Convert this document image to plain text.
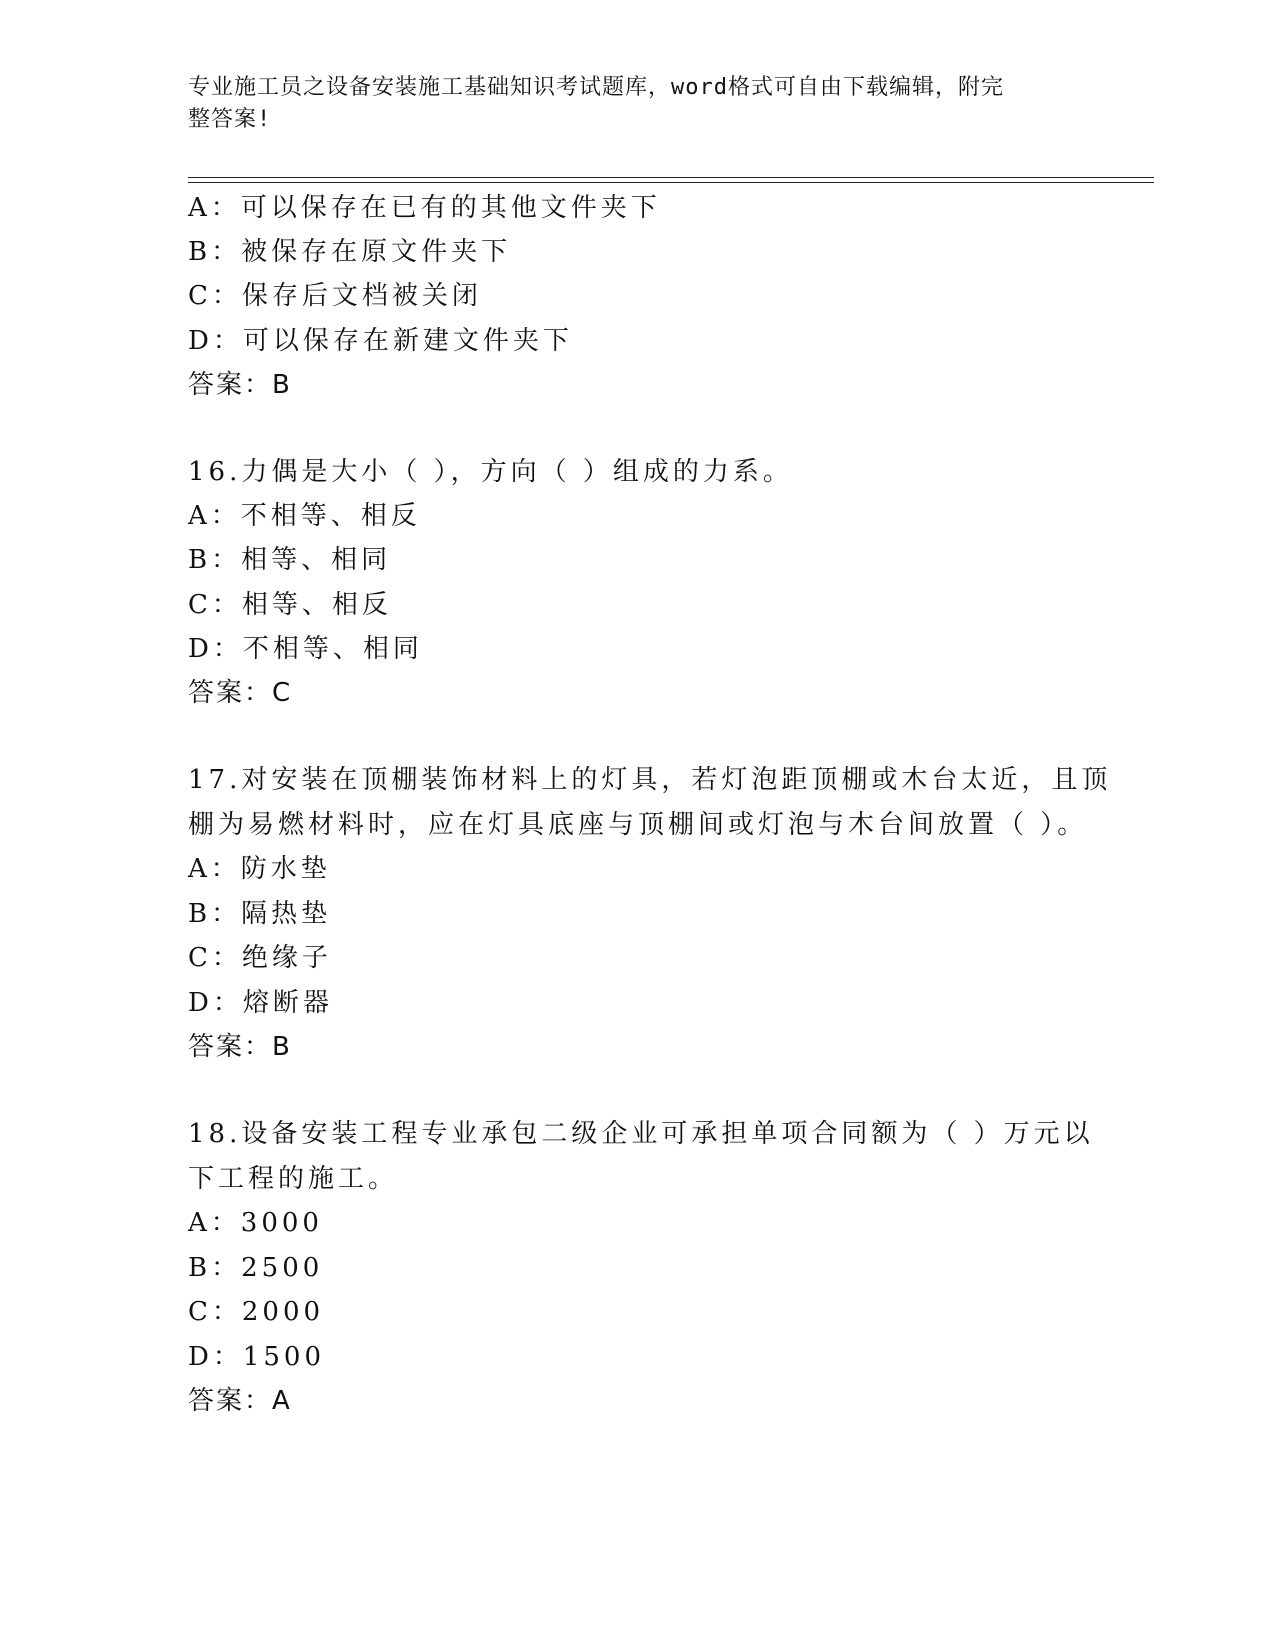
专业施工员之设备安装施工基础知识考试题库，word格式可自由下载编辑，附完
整答案!
A：可以保存在已有的其他文件夹下
B：被保存在原文件夹下
C：保存后文档被关闭
D：可以保存在新建文件夹下
答案：B
16.力偶是大小（ ），方向（ ）组成的力系。
A：不相等、相反
B：相等、相同
C：相等、相反
D：不相等、相同
答案：C
17.对安装在顶棚装饰材料上的灯具，若灯泡距顶棚或木台太近，且顶
棚为易燃材料时，应在灯具底座与顶棚间或灯泡与木台间放置（ ）。
A：防水垫
B：隔热垫
C：绝缘子
D：熔断器
答案：B
18.设备安装工程专业承包二级企业可承担单项合同额为（ ）万元以
下工程的施工。
A：3000
B：2500
C：2000
D：1500
答案：A
